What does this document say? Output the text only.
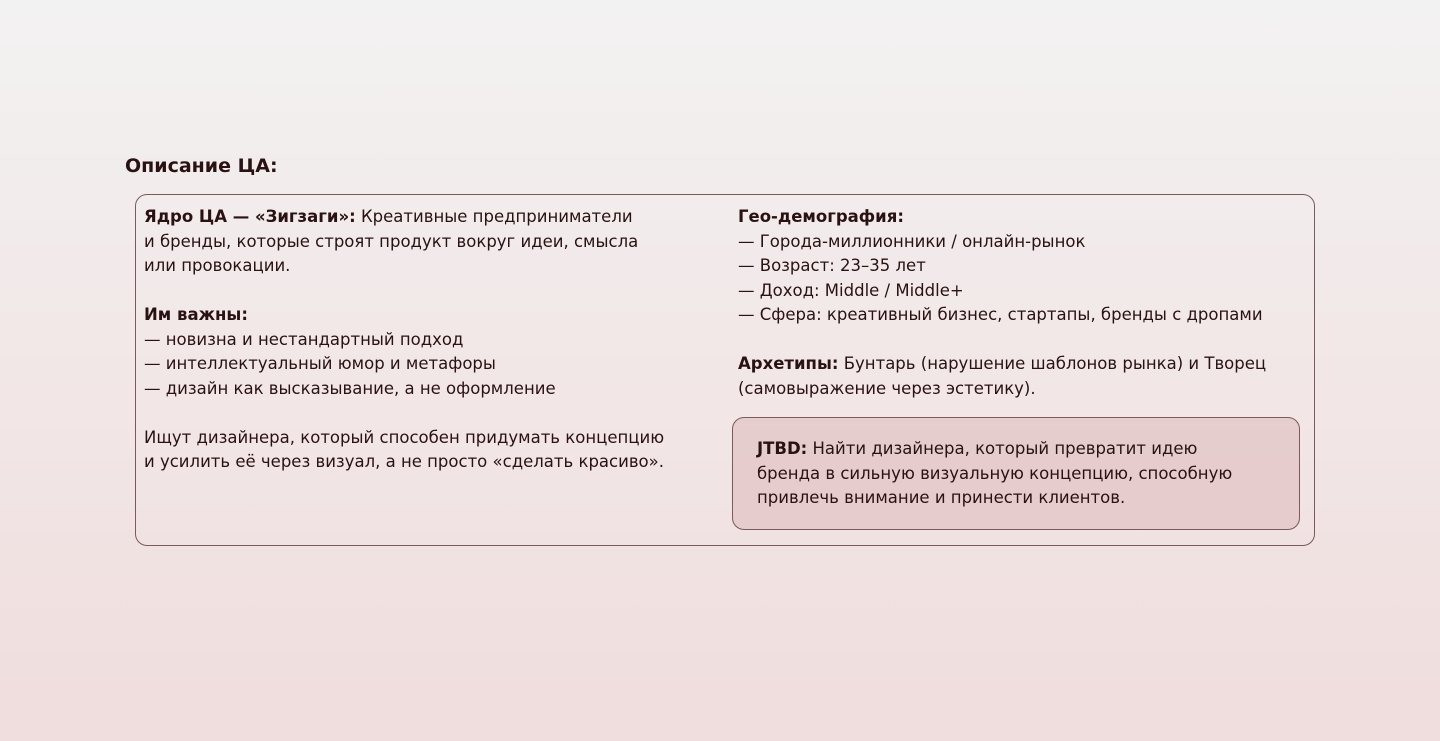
Описание ЦА:

Ядро ЦА — «Зигзаги»: Креативные предприниматели

и бренды, которые строят продукт вокруг идеи, смысла

или провокации.

Им важны:

— новизна и нестандартный подход
— интеллектуальный юмор и метафоры
— дизайн как высказывание, а не оформление

Ищут дизайнера, который способен придумать концепцию

и усилить её через визуал, а не просто «сделать красиво».

Гео-демография:

— Города-миллионники / онлайн-рынок
— Возраст: 23–35 лет
— Доход: Middle / Middle+
— Сфера: креативный бизнес, стартапы, бренды с дропами

Архетипы: Бунтарь (нарушение шаблонов рынка) и Творец

(самовыражение через эстетику).

JTBD: Найти дизайнера, который превратит идею

бренда в сильную визуальную концепцию, способную

привлечь внимание и принести клиентов.
